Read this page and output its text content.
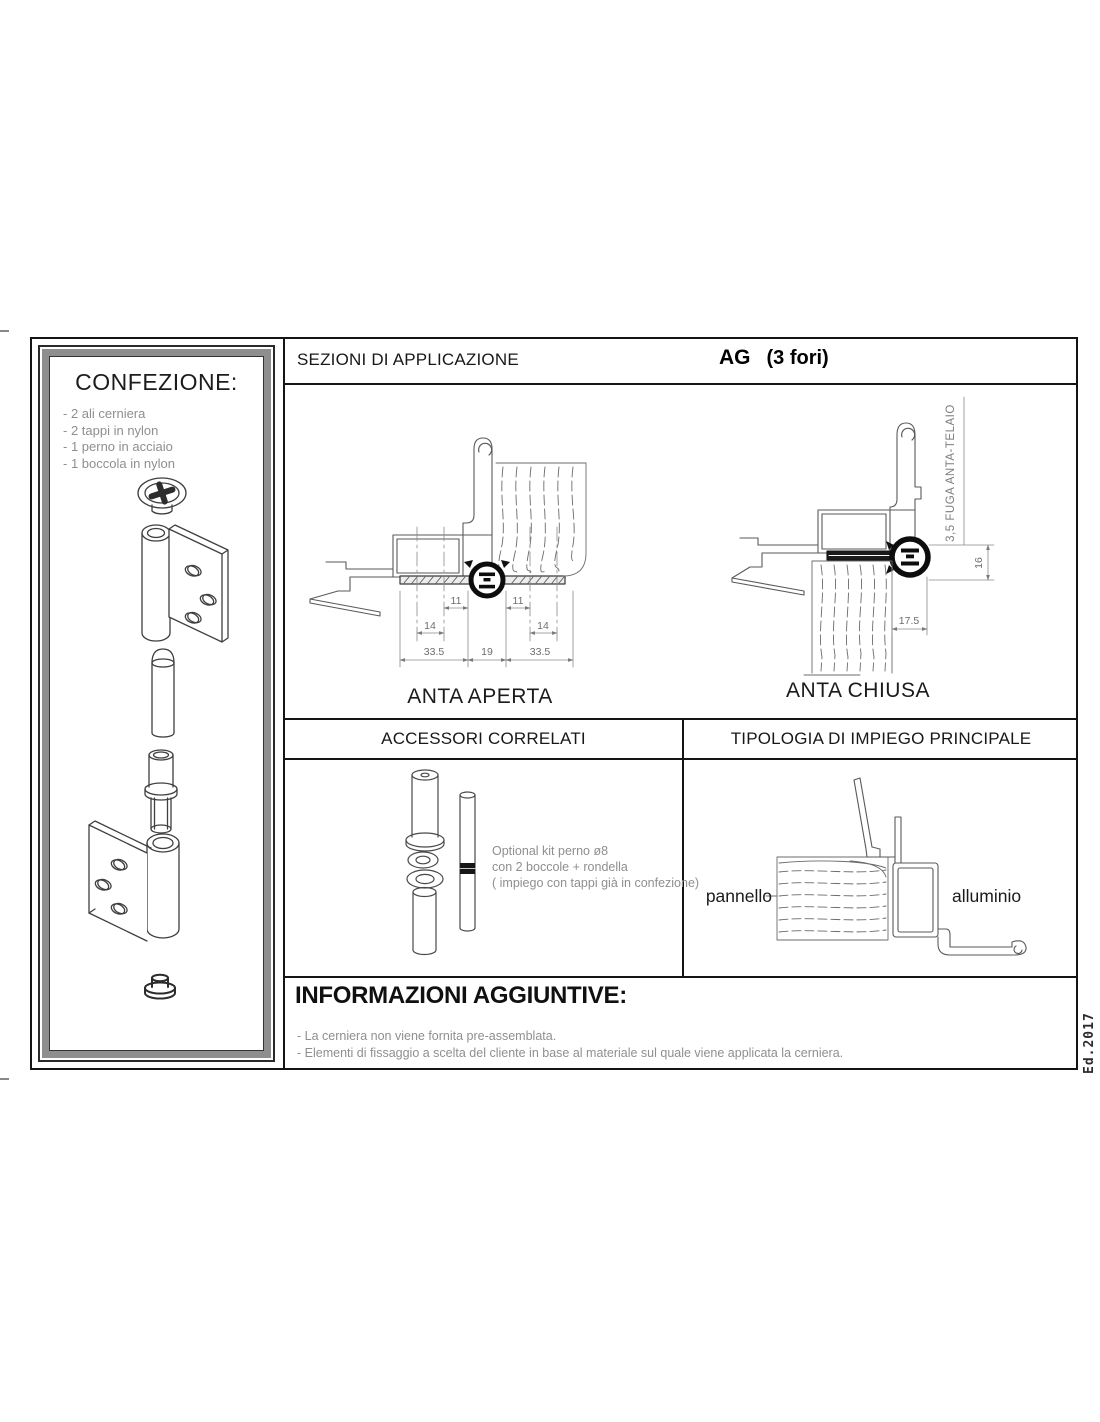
CONFEZIONE:
- 2 ali cerniera
- 2 tappi in nylon
- 1 perno in acciaio
- 1 boccola in nylon
SEZIONI DI APPLICAZIONE	AG (3 fori)
11	11
14	14
33.5	19	33.5
ANTA APERTA
17.5
16
3,5 FUGA ANTA-TELAIO
ANTA CHIUSA
ACCESSORI CORRELATI	TIPOLOGIA DI IMPIEGO PRINCIPALE
Optional kit perno ø8
con 2 boccole + rondella
( impiego con tappi già in confezione)
pannello	alluminio
INFORMAZIONI AGGIUNTIVE:
- La cerniera non viene fornita pre-assemblata.
- Elementi di fissaggio a scelta del cliente in base al materiale sul quale viene applicata la cerniera.	Ed.2017
